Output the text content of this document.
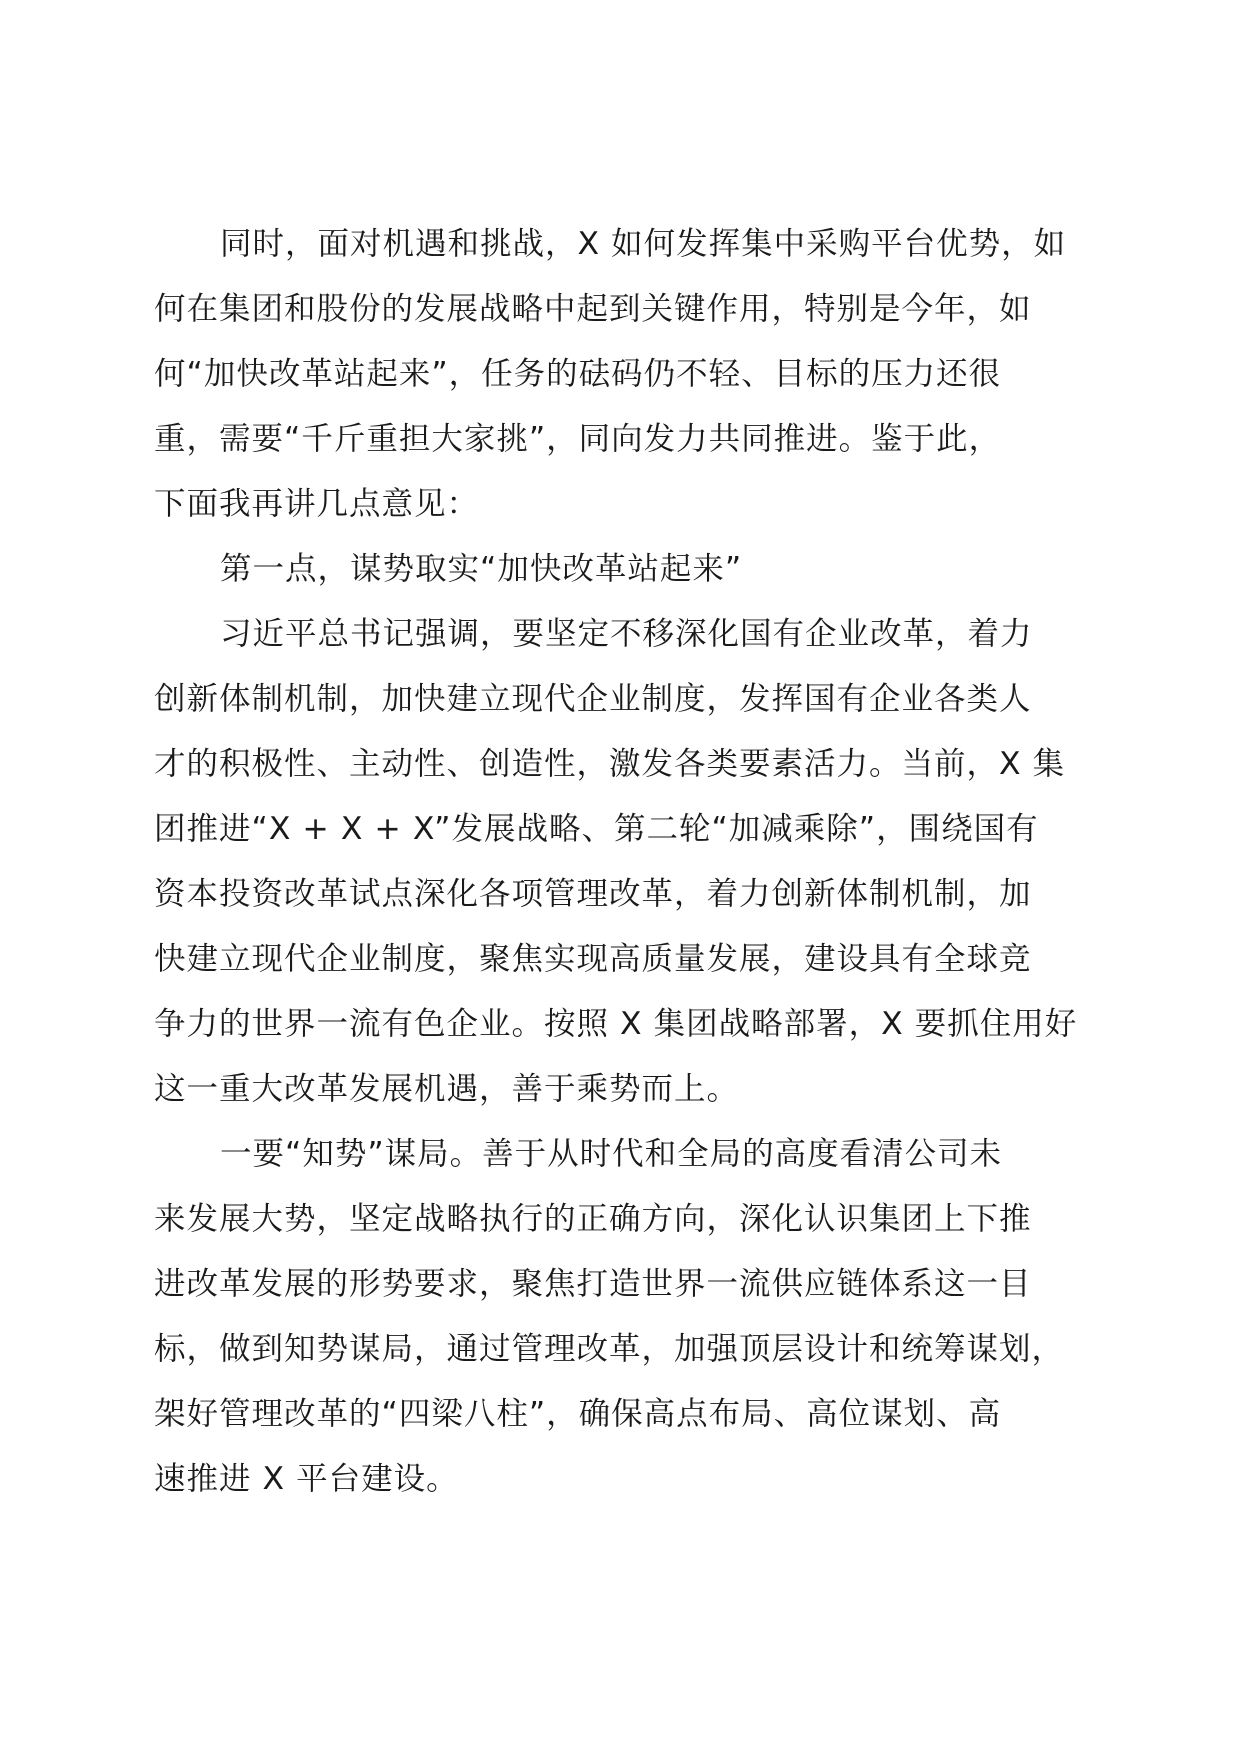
同时，面对机遇和挑战，X 如何发挥集中采购平台优势，如
何在集团和股份的发展战略中起到关键作用，特别是今年，如
何“加快改革站起来”，任务的砝码仍不轻、目标的压力还很
重，需要“千斤重担大家挑”，同向发力共同推进。鉴于此，
下面我再讲几点意见：
第一点，谋势取实“加快改革站起来”
习近平总书记强调，要坚定不移深化国有企业改革，着力
创新体制机制，加快建立现代企业制度，发挥国有企业各类人
才的积极性、主动性、创造性，激发各类要素活力。当前，X 集
团推进“X + X + X”发展战略、第二轮“加减乘除”，围绕国有
资本投资改革试点深化各项管理改革，着力创新体制机制，加
快建立现代企业制度，聚焦实现高质量发展，建设具有全球竞
争力的世界一流有色企业。按照 X 集团战略部署，X 要抓住用好
这一重大改革发展机遇，善于乘势而上。
一要“知势”谋局。善于从时代和全局的高度看清公司未
来发展大势，坚定战略执行的正确方向，深化认识集团上下推
进改革发展的形势要求，聚焦打造世界一流供应链体系这一目
标，做到知势谋局，通过管理改革，加强顶层设计和统筹谋划，
架好管理改革的“四梁八柱”，确保高点布局、高位谋划、高
速推进 X 平台建设。
